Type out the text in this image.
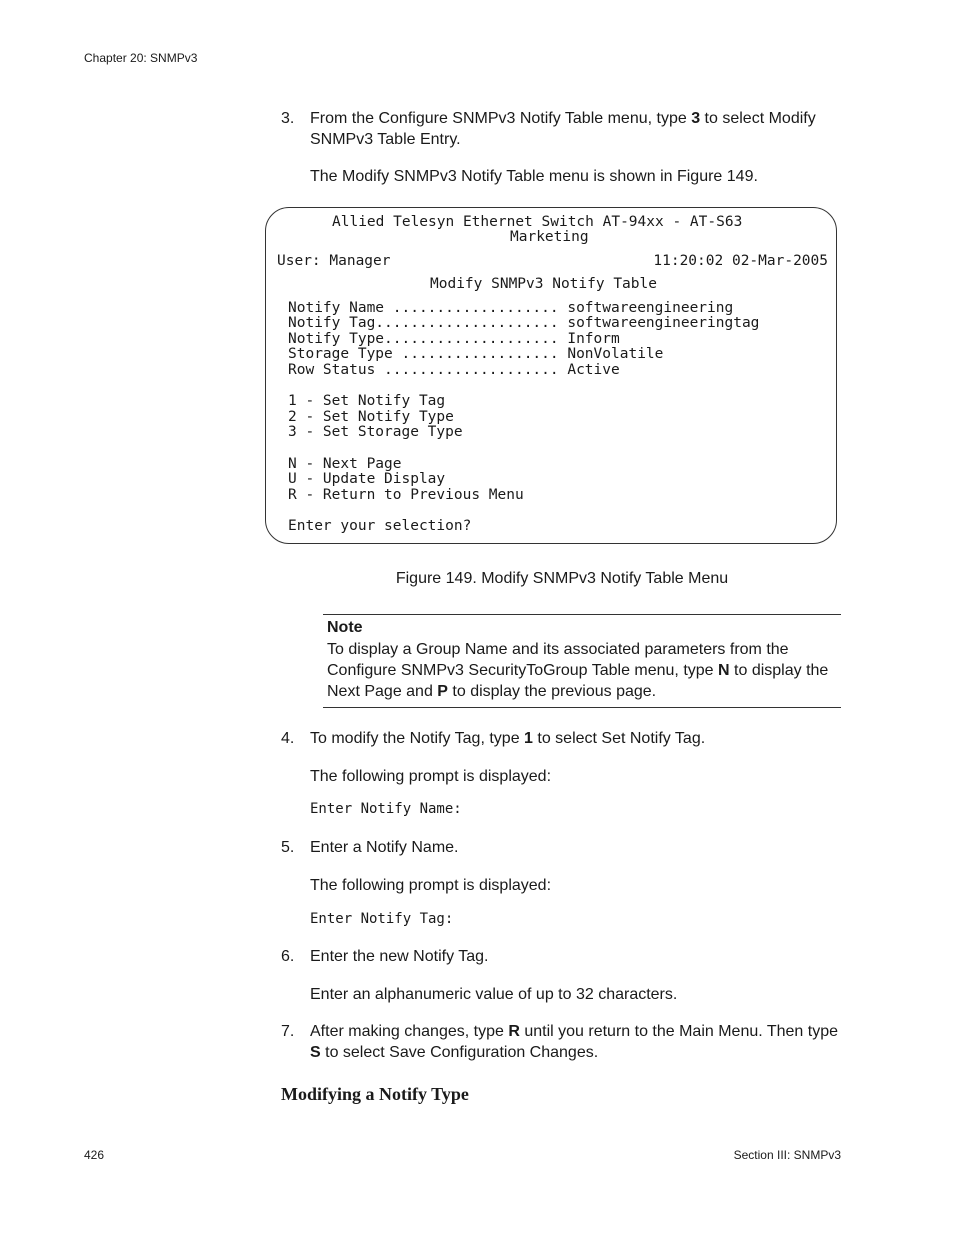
Chapter 20: SNMPv3
3. From the Configure SNMPv3 Notify Table menu, type 3 to select Modify SNMPv3 Table Entry.
The Modify SNMPv3 Notify Table menu is shown in Figure 149.
Allied Telesyn Ethernet Switch AT-94xx - AT-S63
Marketing
User: Manager	11:20:02 02-Mar-2005
Modify SNMPv3 Notify Table
Notify Name ................... softwareengineering
Notify Tag..................... softwareengineeringtag
Notify Type.................... Inform
Storage Type .................. NonVolatile
Row Status .................... Active
1 - Set Notify Tag
2 - Set Notify Type
3 - Set Storage Type
N - Next Page
U - Update Display
R - Return to Previous Menu
Enter your selection?
Figure 149. Modify SNMPv3 Notify Table Menu
Note
To display a Group Name and its associated parameters from the Configure SNMPv3 SecurityToGroup Table menu, type N to display the Next Page and P to display the previous page.
4. To modify the Notify Tag, type 1 to select Set Notify Tag.
The following prompt is displayed:
Enter Notify Name:
5. Enter a Notify Name.
The following prompt is displayed:
Enter Notify Tag:
6. Enter the new Notify Tag.
Enter an alphanumeric value of up to 32 characters.
7. After making changes, type R until you return to the Main Menu. Then type S to select Save Configuration Changes.
Modifying a Notify Type
426	Section III: SNMPv3
